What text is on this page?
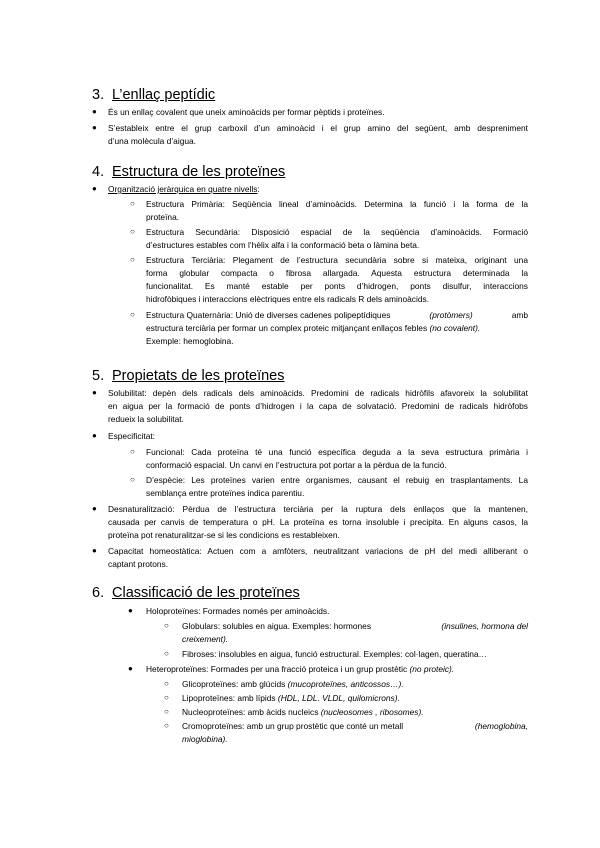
3. L’enllaç peptídic
● És un enllaç covalent que uneix aminoàcids per formar pèptids i proteïnes.
● S’estableix entre el grup carboxil d’un aminoàcid i el grup amino del següent, amb despreniment
d’una molècula d’aigua.
4. Estructura de les proteïnes
● Organització jeràrquica en quatre nivells:
○ Estructura Primària: Seqüència lineal d’aminoàcids. Determina la funció i la forma de la
proteïna.
○ Estructura Secundària: Disposició espacial de la seqüència d’aminoàcids. Formació
d’estructures estables com l’hèlix alfa i la conformació beta o làmina beta.
○ Estructura Terciària: Plegament de l’estructura secundària sobre si mateixa, originant una
forma globular compacta o fibrosa allargada. Aquesta estructura determinada la
funcionalitat. Es manté estable per ponts d’hidrogen, ponts disulfur, interaccions
hidrofòbiques i interaccions elèctriques entre els radicals R dels aminoàcids.
○ Estructura Quaternària: Unió de diverses cadenes polipeptídiques	(protòmers)	amb
estructura terciària per formar un complex proteic mitjançant enllaços febles (no covalent).
Exemple: hemoglobina.
5. Propietats de les proteïnes
● Solubilitat: depèn dels radicals dels aminoàcids. Predomini de radicals hidròfils afavoreix la solubilitat
en aigua per la formació de ponts d’hidrogen i la capa de solvatació. Predomini de radicals hidròfobs
redueix la solubilitat.
● Especificitat:
○ Funcional: Cada proteïna té una funció específica deguda a la seva estructura primària i
conformació espacial. Un canvi en l’estructura pot portar a la pèrdua de la funció.
○ D’espècie: Les proteïnes varien entre organismes, causant el rebuig en trasplantaments. La
semblança entre proteïnes indica parentiu.
● Desnaturalització: Pèrdua de l’estructura terciària per la ruptura dels enllaços que la mantenen,
causada per canvis de temperatura o pH. La proteïna es torna insoluble i precipita. En alguns casos, la
proteïna pot renaturalitzar-se si les condicions es restableixen.
● Capacitat homeostàtica: Actuen com a amfòters, neutralitzant variacions de pH del medi alliberant o
captant protons.
6. Classificació de les proteïnes
● Holoproteïnes: Formades només per aminoàcids.
○ Globulars: solubles en aigua. Exemples: hormones	(insulines, hormona del
creixement).
○ Fibroses: insolubles en aigua, funció estructural. Exemples: col·lagen, queratina…
● Heteroproteïnes: Formades per una fracció proteica i un grup prostètic (no proteic).
○ Glicoproteïnes: amb glúcids (mucoproteïnes, anticossos…).
○ Lipoproteïnes: amb lípids (HDL, LDL. VLDL, quilomicrons).
○ Nucleoproteïnes: amb àcids nucleics (nucleosomes , ribosomes).
○ Cromoproteïnes: amb un grup prostètic que conté un metall	(hemoglobina,
mioglobina).
